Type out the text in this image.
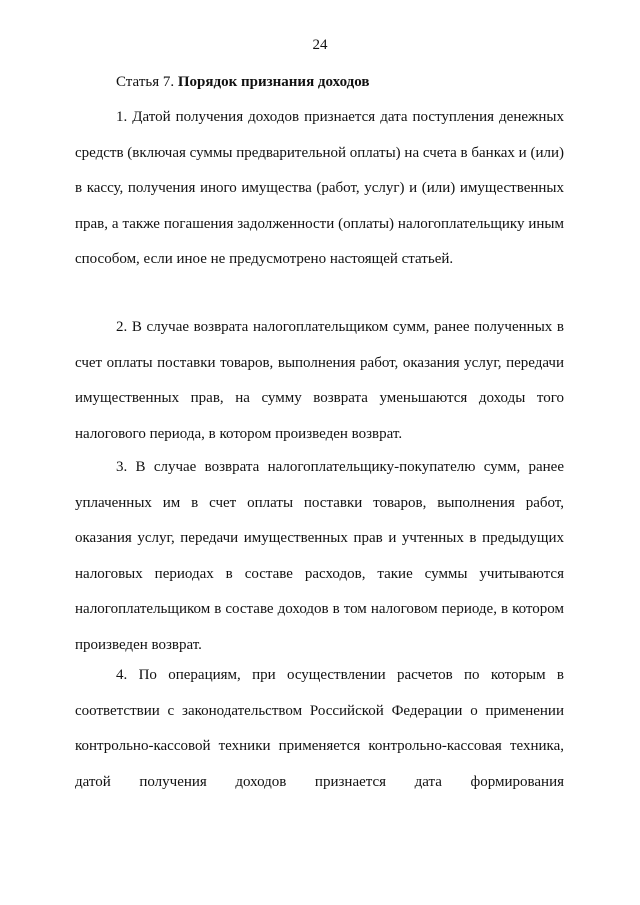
24
Статья 7. Порядок признания доходов

1. Датой получения доходов признается дата поступления денежных средств (включая суммы предварительной оплаты) на счета в банках и (или) в кассу, получения иного имущества (работ, услуг) и (или) имущественных прав, а также погашения задолженности (оплаты) налогоплательщику иным способом, если иное не предусмотрено настоящей статьей.

2. В случае возврата налогоплательщиком сумм, ранее полученных в счет оплаты поставки товаров, выполнения работ, оказания услуг, передачи имущественных прав, на сумму возврата уменьшаются доходы того налогового периода, в котором произведен возврат.

3. В случае возврата налогоплательщику-покупателю сумм, ранее уплаченных им в счет оплаты поставки товаров, выполнения работ, оказания услуг, передачи имущественных прав и учтенных в предыдущих налоговых периодах в составе расходов, такие суммы учитываются налогоплательщиком в составе доходов в том налоговом периоде, в котором произведен возврат.

4. По операциям, при осуществлении расчетов по которым в соответствии с законодательством Российской Федерации о применении контрольно-кассовой техники применяется контрольно-кассовая техника, датой получения доходов признается дата формирования
